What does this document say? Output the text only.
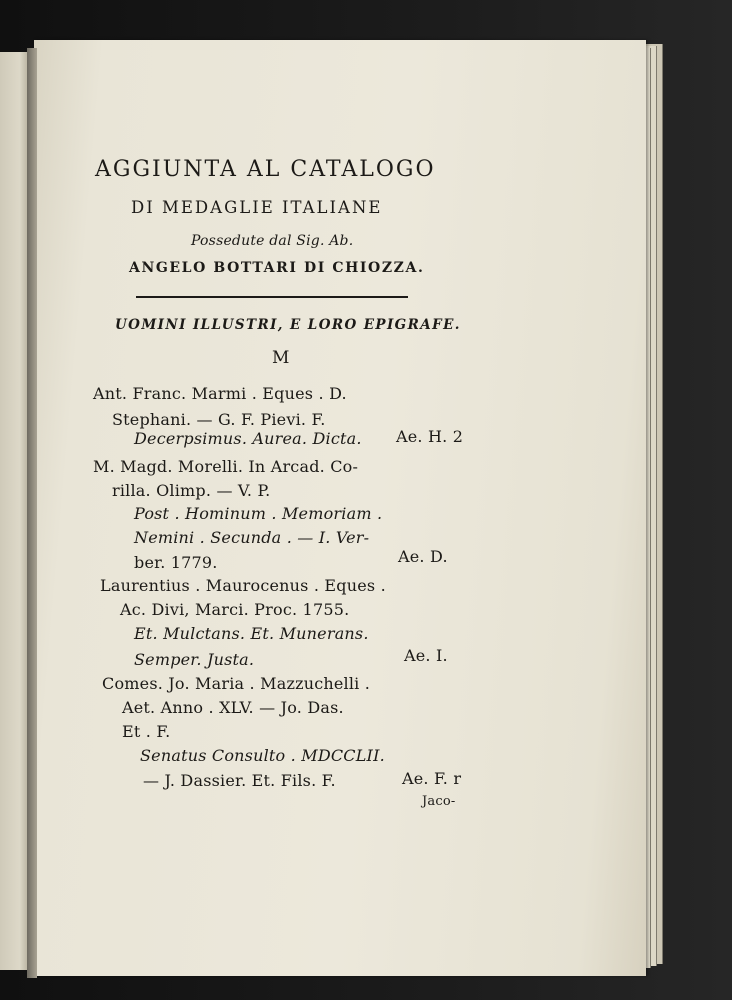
AGGIUNTA AL CATALOGO
DI MEDAGLIE ITALIANE
Possedute dal Sig. Ab.
ANGELO BOTTARI DI CHIOZZA.
UOMINI ILLUSTRI, E LORO EPIGRAFE.
M
Ant. Franc. Marmi . Eques . D.
Stephani. — G. F. Pievi. F.
Decerpsimus. Aurea. Dicta. Ae. H. 2
M. Magd. Morelli. In Arcad. Co-
rilla. Olimp. — V. P.
Post . Hominum . Memoriam .
Nemini . Secunda . — I. Ver-
ber. 1779.	Ae. D.
Laurentius . Maurocenus . Eques .
Ac. Divi, Marci. Proc. 1755.
Et. Mulctans. Et. Munerans.
Semper. Justa.	Ae. I.
Comes. Jo. Maria . Mazzuchelli .
Aet. Anno . XLV. — Jo. Das.
Et . F.
Senatus Consulto . MDCCLII.
— J. Dassier. Et. Fils. F.	Ae. F. r
Jaco-
